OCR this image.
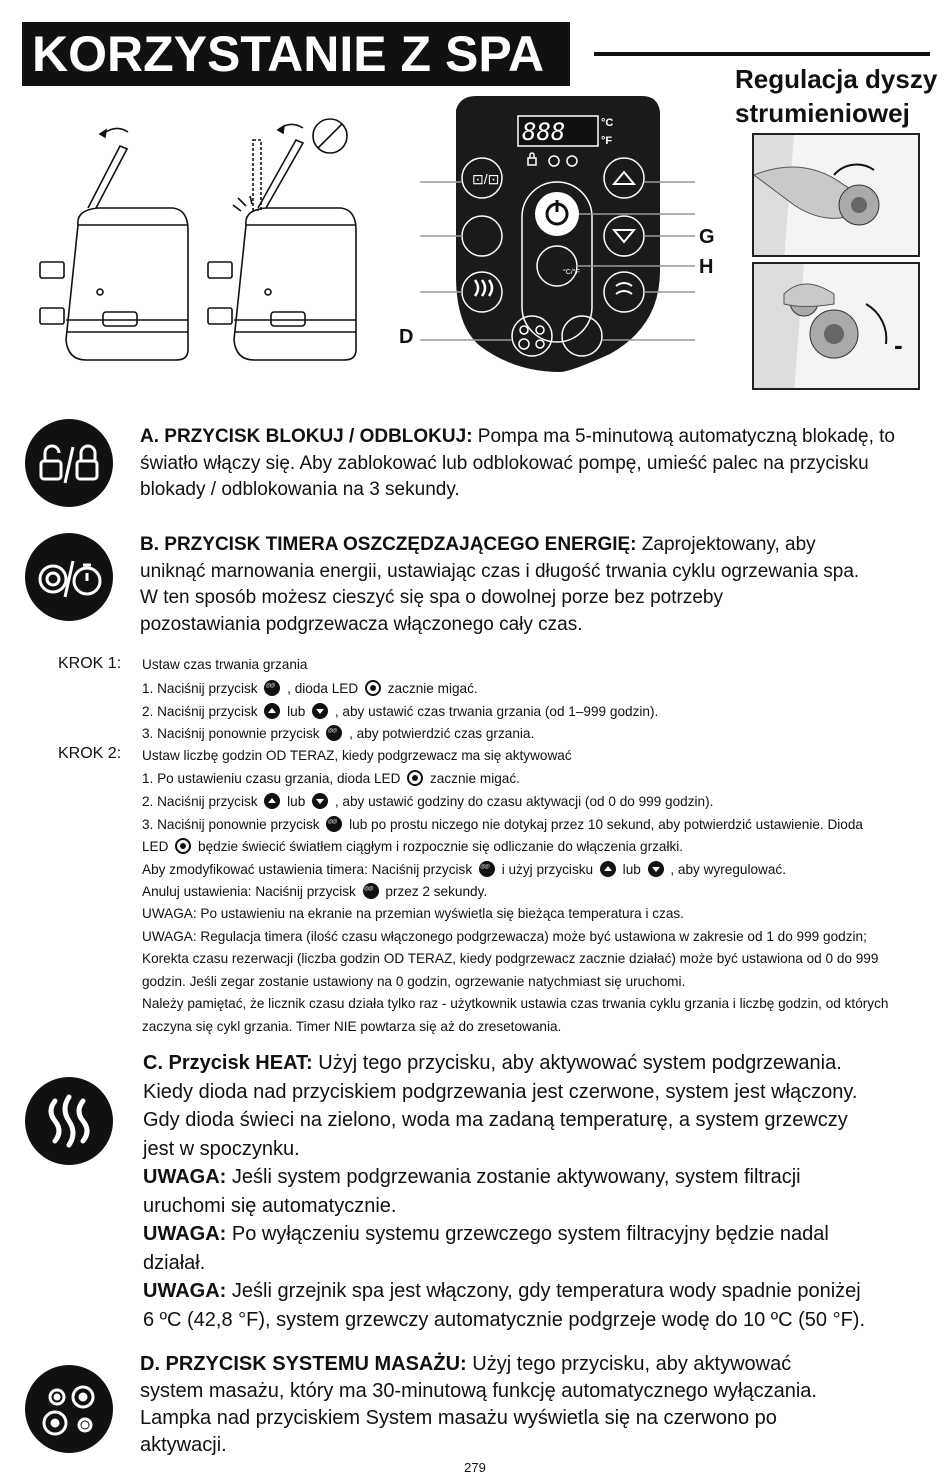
KORZYSTANIE Z SPA	Regulacja dyszy strumieniowej
888	°C
°F
°C/°F
⊡/⊡
G
H
D	-
A. PRZYCISK BLOKUJ / ODBLOKUJ: Pompa ma 5-minutową automatyczną blokadę, to
światło włączy się. Aby zablokować lub odblokować pompę, umieść palec na przycisku
blokady / odblokowania na 3 sekundy.
B. PRZYCISK TIMERA OSZCZĘDZAJĄCEGO ENERGIĘ: Zaprojektowany, aby
uniknąć marnowania energii, ustawiając czas i długość trwania cyklu ogrzewania spa.
W ten sposób możesz cieszyć się spa o dowolnej porze bez potrzeby
pozostawiania podgrzewacza włączonego cały czas.
KROK 1: Ustaw czas trwania grzania
1. Naciśnij przycisk ◎◎ , dioda LED zacznie migać.
2. Naciśnij przycisk lub , aby ustawić czas trwania grzania (od 1–999 godzin).
3. Naciśnij ponownie przycisk ◎◎ , aby potwierdzić czas grzania.
KROK 2: Ustaw liczbę godzin OD TERAZ, kiedy podgrzewacz ma się aktywować
1. Po ustawieniu czasu grzania, dioda LED zacznie migać.
2. Naciśnij przycisk lub , aby ustawić godziny do czasu aktywacji (od 0 do 999 godzin).
3. Naciśnij ponownie przycisk ◎◎ lub po prostu niczego nie dotykaj przez 10 sekund, aby potwierdzić ustawienie. Dioda
LED będzie świecić światłem ciągłym i rozpocznie się odliczanie do włączenia grzałki.
Aby zmodyfikować ustawienia timera: Naciśnij przycisk ◎◎ i użyj przycisku lub , aby wyregulować.
Anuluj ustawienia: Naciśnij przycisk ◎◎ przez 2 sekundy.
UWAGA: Po ustawieniu na ekranie na przemian wyświetla się bieżąca temperatura i czas.
UWAGA: Regulacja timera (ilość czasu włączonego podgrzewacza) może być ustawiona w zakresie od 1 do 999 godzin;
Korekta czasu rezerwacji (liczba godzin OD TERAZ, kiedy podgrzewacz zacznie działać) może być ustawiona od 0 do 999
godzin. Jeśli zegar zostanie ustawiony na 0 godzin, ogrzewanie natychmiast się uruchomi.
Należy pamiętać, że licznik czasu działa tylko raz - użytkownik ustawia czas trwania cyklu grzania i liczbę godzin, od których
zaczyna się cykl grzania. Timer NIE powtarza się aż do zresetowania.
C. Przycisk HEAT: Użyj tego przycisku, aby aktywować system podgrzewania.
Kiedy dioda nad przyciskiem podgrzewania jest czerwone, system jest włączony.
Gdy dioda świeci na zielono, woda ma zadaną temperaturę, a system grzewczy
jest w spoczynku.
UWAGA: Jeśli system podgrzewania zostanie aktywowany, system filtracji
uruchomi się automatycznie.
UWAGA: Po wyłączeniu systemu grzewczego system filtracyjny będzie nadal
działał.
UWAGA: Jeśli grzejnik spa jest włączony, gdy temperatura wody spadnie poniżej
6 ºC (42,8 °F), system grzewczy automatycznie podgrzeje wodę do 10 ºC (50 °F).
D. PRZYCISK SYSTEMU MASAŻU: Użyj tego przycisku, aby aktywować
system masażu, który ma 30-minutową funkcję automatycznego wyłączania.
Lampka nad przyciskiem System masażu wyświetla się na czerwono po
aktywacji.
279
